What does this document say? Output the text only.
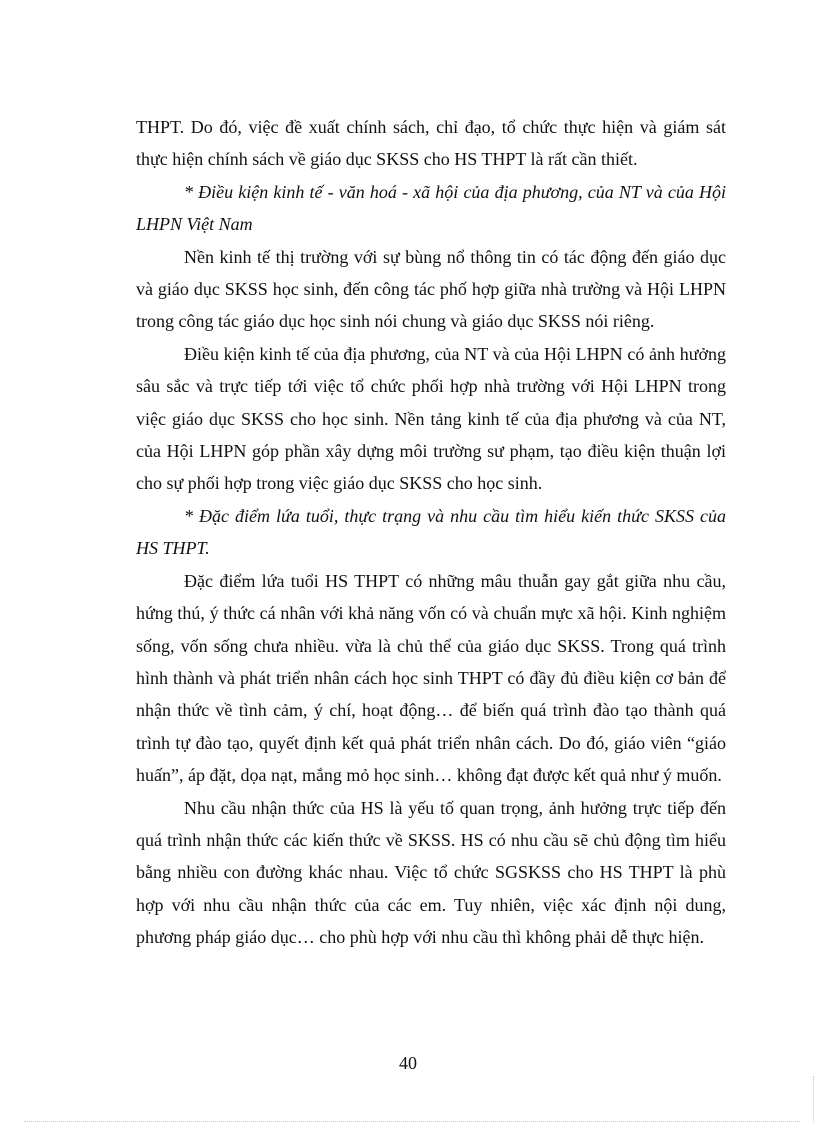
THPT. Do đó, việc đề xuất chính sách, chỉ đạo, tổ chức thực hiện và giám sát thực hiện chính sách về giáo dục SKSS cho HS THPT là rất cần thiết.

* Điều kiện kinh tế - văn hoá - xã hội của địa phương, của NT và của Hội LHPN Việt Nam

Nền kinh tế thị trường với sự bùng nổ thông tin có tác động đến giáo dục và giáo dục SKSS học sinh, đến công tác phố hợp giữa nhà trường và Hội LHPN trong công tác giáo dục học sinh nói chung và giáo dục SKSS nói riêng.

Điều kiện kinh tế của địa phương, của NT và của Hội LHPN có ảnh hưởng sâu sắc và trực tiếp tới việc tổ chức phối hợp nhà trường với Hội LHPN trong việc giáo dục SKSS cho học sinh. Nền tảng kinh tế của địa phương và của NT, của Hội LHPN góp phần xây dựng môi trường sư phạm, tạo điều kiện thuận lợi cho sự phối hợp trong việc giáo dục SKSS cho học sinh.

* Đặc điểm lứa tuổi, thực trạng và nhu cầu tìm hiểu kiến thức SKSS của HS THPT.

Đặc điểm lứa tuổi HS THPT có những mâu thuẫn gay gắt giữa nhu cầu, hứng thú, ý thức cá nhân với khả năng vốn có và chuẩn mực xã hội. Kinh nghiệm sống, vốn sống chưa nhiều. vừa là chủ thể của giáo dục SKSS. Trong quá trình hình thành và phát triển nhân cách học sinh THPT có đầy đủ điều kiện cơ bản để nhận thức về tình cảm, ý chí, hoạt động… để biến quá trình đào tạo thành quá trình tự đào tạo, quyết định kết quả phát triển nhân cách. Do đó, giáo viên “giáo huấn”, áp đặt, dọa nạt, mắng mỏ học sinh… không đạt được kết quả như ý muốn.

Nhu cầu nhận thức của HS là yếu tố quan trọng, ảnh hưởng trực tiếp đến quá trình nhận thức các kiến thức về SKSS. HS có nhu cầu sẽ chủ động tìm hiểu bằng nhiều con đường khác nhau. Việc tổ chức SGSKSS cho HS THPT là phù hợp với nhu cầu nhận thức của các em. Tuy nhiên, việc xác định nội dung, phương pháp giáo dục… cho phù hợp với nhu cầu thì không phải dễ thực hiện.

40
